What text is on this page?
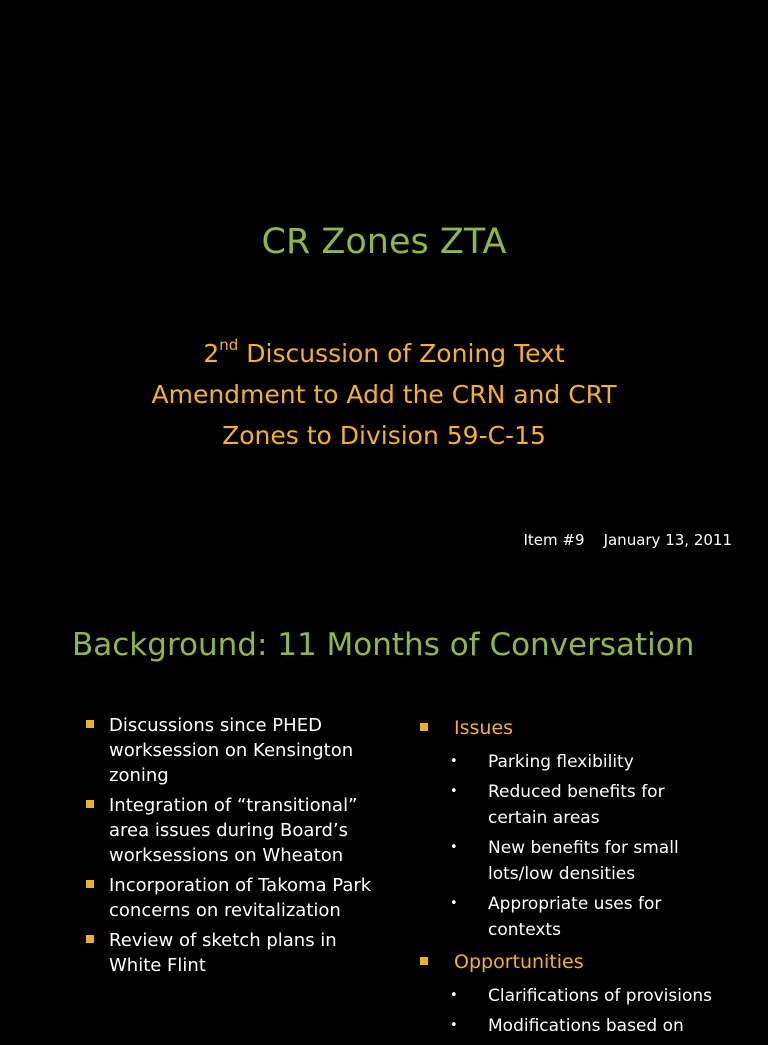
CR Zones ZTA
2nd Discussion of Zoning Text
Amendment to Add the CRN and CRT
Zones to Division 59-C-15
Item #9    January 13, 2011
Background: 11 Months of Conversation
Discussions since PHED worksession on Kensington zoning
Integration of “transitional” area issues during Board’s worksessions on Wheaton
Incorporation of Takoma Park concerns on revitalization
Review of sketch plans in White Flint
Issues
• Parking flexibility
• Reduced benefits for certain areas
• New benefits for small lots/low densities
• Appropriate uses for contexts
Opportunities
• Clarifications of provisions
• Modifications based on
